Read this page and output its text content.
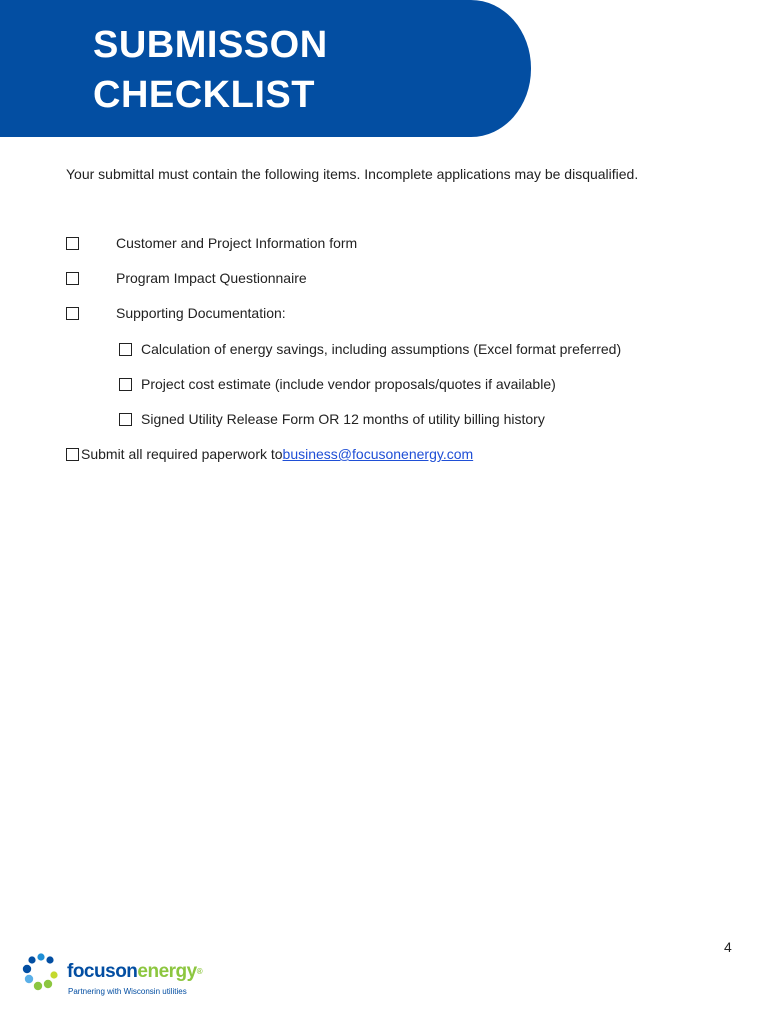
SUBMISSON
CHECKLIST
Your submittal must contain the following items. Incomplete applications may be disqualified.
Customer and Project Information form
Program Impact Questionnaire
Supporting Documentation:
Calculation of energy savings, including assumptions (Excel format preferred)
Project cost estimate (include vendor proposals/quotes if available)
Signed Utility Release Form OR 12 months of utility billing history
Submit all required paperwork to business@focusonenergy.com
4
focusonenergy®
Partnering with Wisconsin utilities
